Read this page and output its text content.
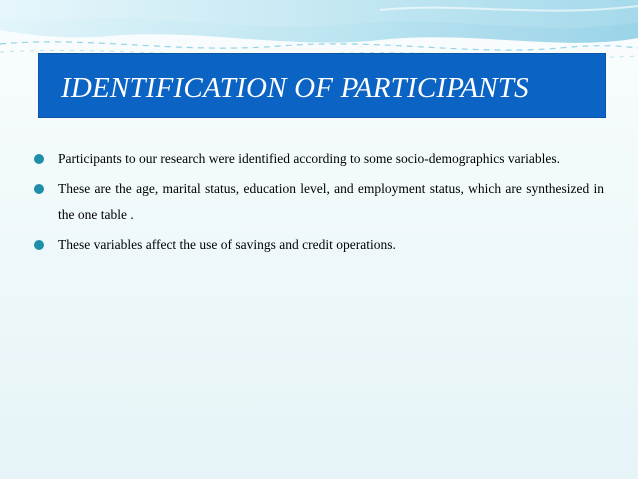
IDENTIFICATION OF PARTICIPANTS
Participants to our research were identified according to some socio-demographics variables.
These are the age, marital status, education level, and employment status, which are synthesized in the one table .
These variables affect the use of savings and credit operations.
